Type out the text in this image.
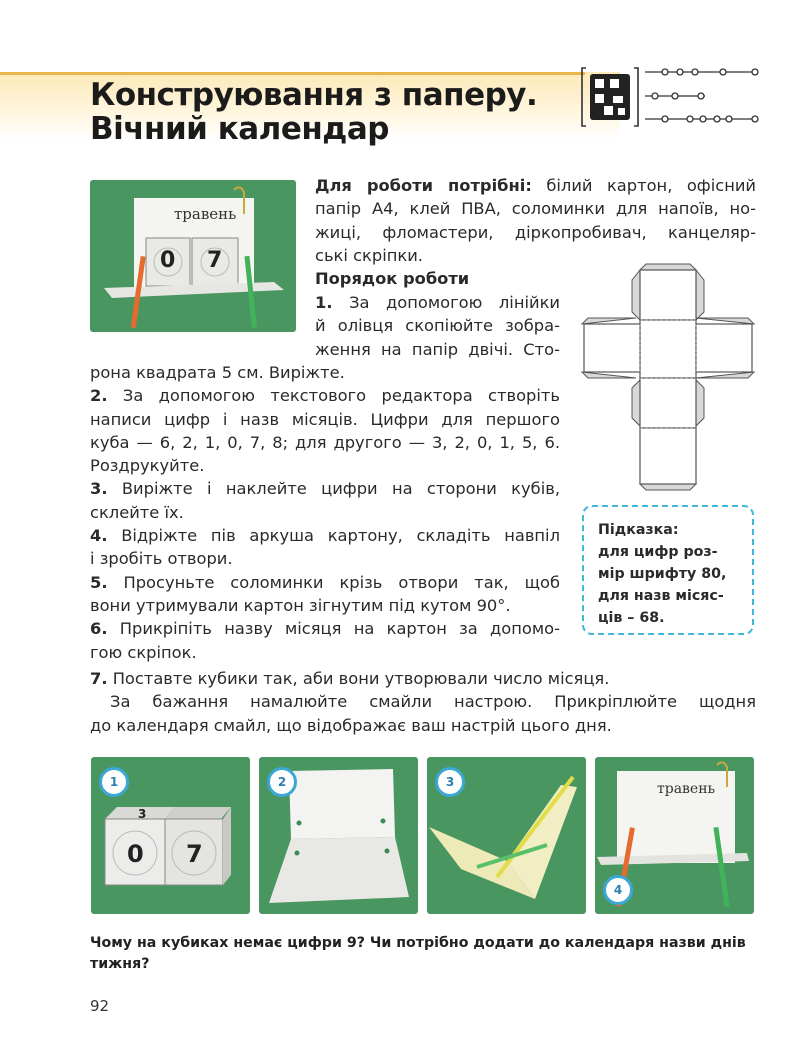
Конструювання з паперу.
Вічний календар
травень
0 7
Для роботи потрібні: білий картон, офісний
папір А4, клей ПВА, соломинки для напоїв, но-
жиці, фломастери, діркопробивач, канцеляр-
ські скріпки.
Порядок роботи
1. За допомогою лінійки
й олівця скопіюйте зобра-
ження на папір двічі. Сто-
рона квадрата 5 см. Виріжте.
2. За допомогою текстового редактора створіть
написи цифр і назв місяців. Цифри для першого
куба — 6, 2, 1, 0, 7, 8; для другого — 3, 2, 0, 1, 5, 6.
Роздрукуйте.
3. Виріжте і наклейте цифри на сторони кубів,
склейте їх.
4. Відріжте пів аркуша картону, складіть навпіл
і зробіть отвори.
5. Просуньте соломинки крізь отвори так, щоб
вони утримували картон зігнутим під кутом 90°.
6. Прикріпіть назву місяця на картон за допомо-
гою скріпок.
7. Поставте кубики так, аби вони утворювали число місяця.
За бажання намалюйте смайли настрою. Прикріплюйте щодня
до календаря смайл, що відображає ваш настрій цього дня.
Підказка:
для цифр роз-
мір шрифту 80,
для назв місяс-
ців – 68.
1
3
0 7
2	3	травень
4
Чому на кубиках немає цифри 9? Чи потрібно додати до календаря назви днів
тижня?
92
